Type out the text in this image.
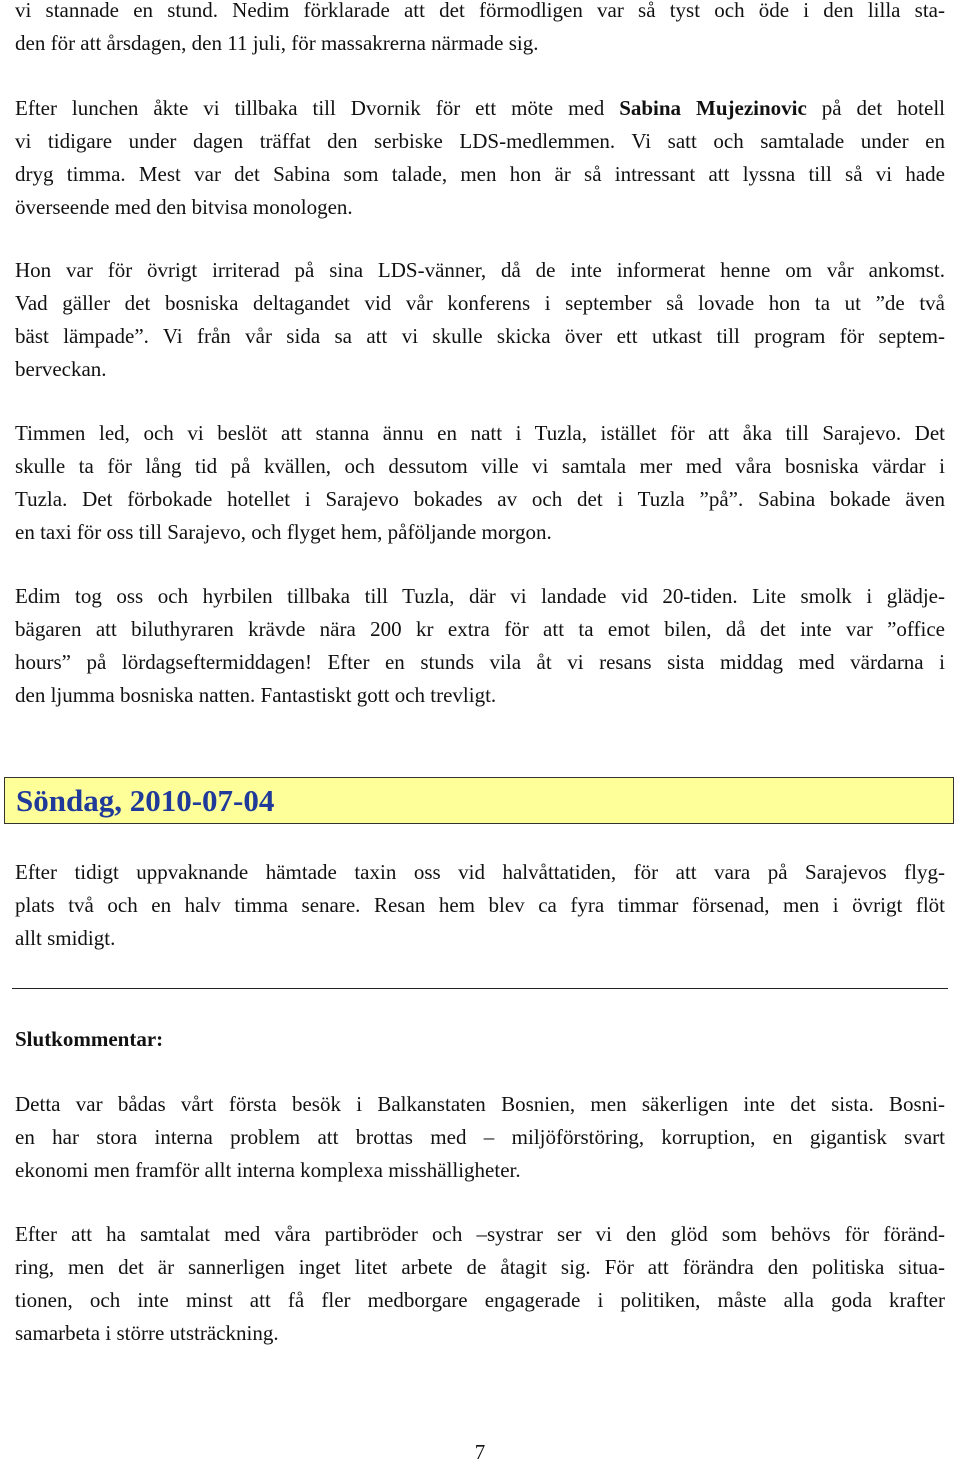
vi stannade en stund. Nedim förklarade att det förmodligen var så tyst och öde i den lilla sta-
den för att årsdagen, den 11 juli, för massakrerna närmade sig.
Efter lunchen åkte vi tillbaka till Dvornik för ett möte med Sabina Mujezinovic på det hotell
vi tidigare under dagen träffat den serbiske LDS-medlemmen. Vi satt och samtalade under en
dryg timma. Mest var det Sabina som talade, men hon är så intressant att lyssna till så vi hade
överseende med den bitvisa monologen.
Hon var för övrigt irriterad på sina LDS-vänner, då de inte informerat henne om vår ankomst.
Vad gäller det bosniska deltagandet vid vår konferens i september så lovade hon ta ut ”de två
bäst lämpade”. Vi från vår sida sa att vi skulle skicka över ett utkast till program för septem-
berveckan.
Timmen led, och vi beslöt att stanna ännu en natt i Tuzla, istället för att åka till Sarajevo. Det
skulle ta för lång tid på kvällen, och dessutom ville vi samtala mer med våra bosniska värdar i
Tuzla. Det förbokade hotellet i Sarajevo bokades av och det i Tuzla ”på”. Sabina bokade även
en taxi för oss till Sarajevo, och flyget hem, påföljande morgon.
Edim tog oss och hyrbilen tillbaka till Tuzla, där vi landade vid 20-tiden. Lite smolk i glädje-
bägaren att biluthyraren krävde nära 200 kr extra för att ta emot bilen, då det inte var ”office
hours” på lördagseftermiddagen! Efter en stunds vila åt vi resans sista middag med värdarna i
den ljumma bosniska natten. Fantastiskt gott och trevligt.
Söndag, 2010-07-04
Efter tidigt uppvaknande hämtade taxin oss vid halvåttatiden, för att vara på Sarajevos flyg-
plats två och en halv timma senare. Resan hem blev ca fyra timmar försenad, men i övrigt flöt
allt smidigt.
Slutkommentar:
Detta var bådas vårt första besök i Balkanstaten Bosnien, men säkerligen inte det sista. Bosni-
en har stora interna problem att brottas med – miljöförstöring, korruption, en gigantisk svart
ekonomi men framför allt interna komplexa misshälligheter.
Efter att ha samtalat med våra partibröder och –systrar ser vi den glöd som behövs för föränd-
ring, men det är sannerligen inget litet arbete de åtagit sig. För att förändra den politiska situa-
tionen, och inte minst att få fler medborgare engagerade i politiken, måste alla goda krafter
samarbeta i större utsträckning.
7
